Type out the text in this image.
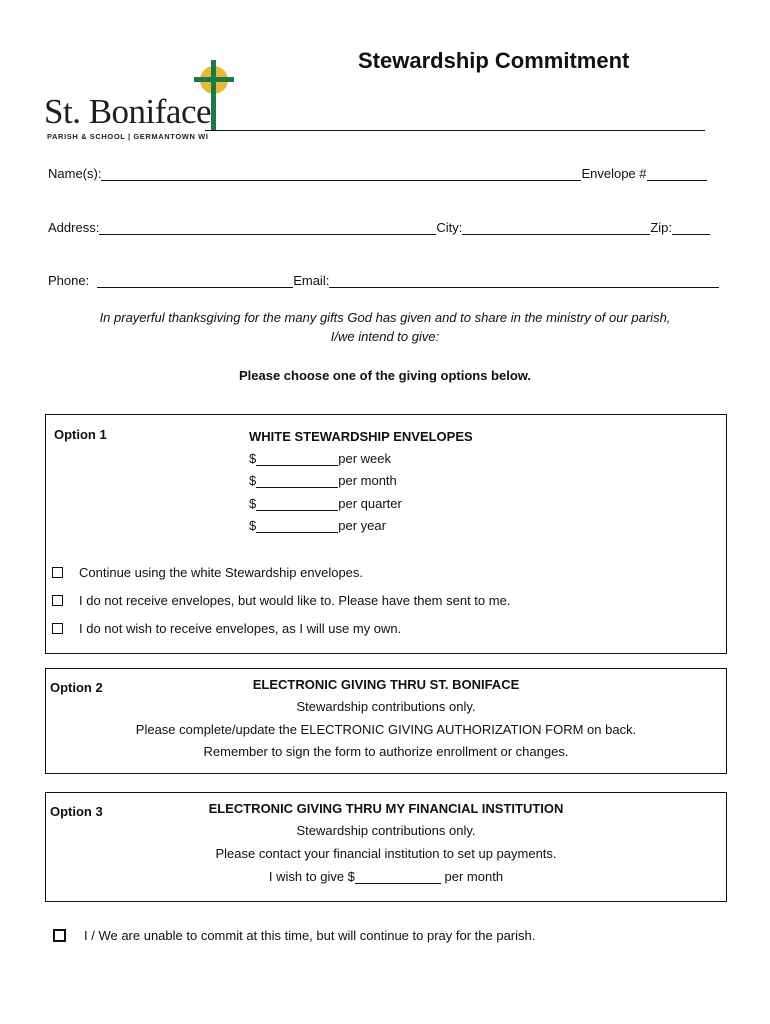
St. Boniface
PARISH & SCHOOL | GERMANTOWN WI
Stewardship Commitment
Name(s):	Envelope #
Address:	City:	Zip:
Phone:	Email:
In prayerful thanksgiving for the many gifts God has given and to share in the ministry of our parish,
I/we intend to give:
Please choose one of the giving options below.
Option 1	WHITE STEWARDSHIP ENVELOPES
$	per week
$	per month
$	per quarter
$	per year
Continue using the white Stewardship envelopes.
I do not receive envelopes, but would like to. Please have them sent to me.
I do not wish to receive envelopes, as I will use my own.
Option 2	ELECTRONIC GIVING THRU ST. BONIFACE
Stewardship contributions only.
Please complete/update the ELECTRONIC GIVING AUTHORIZATION FORM on back.
Remember to sign the form to authorize enrollment or changes.
Option 3	ELECTRONIC GIVING THRU MY FINANCIAL INSTITUTION
Stewardship contributions only.
Please contact your financial institution to set up payments.
I wish to give $	per month
I / We are unable to commit at this time, but will continue to pray for the parish.
